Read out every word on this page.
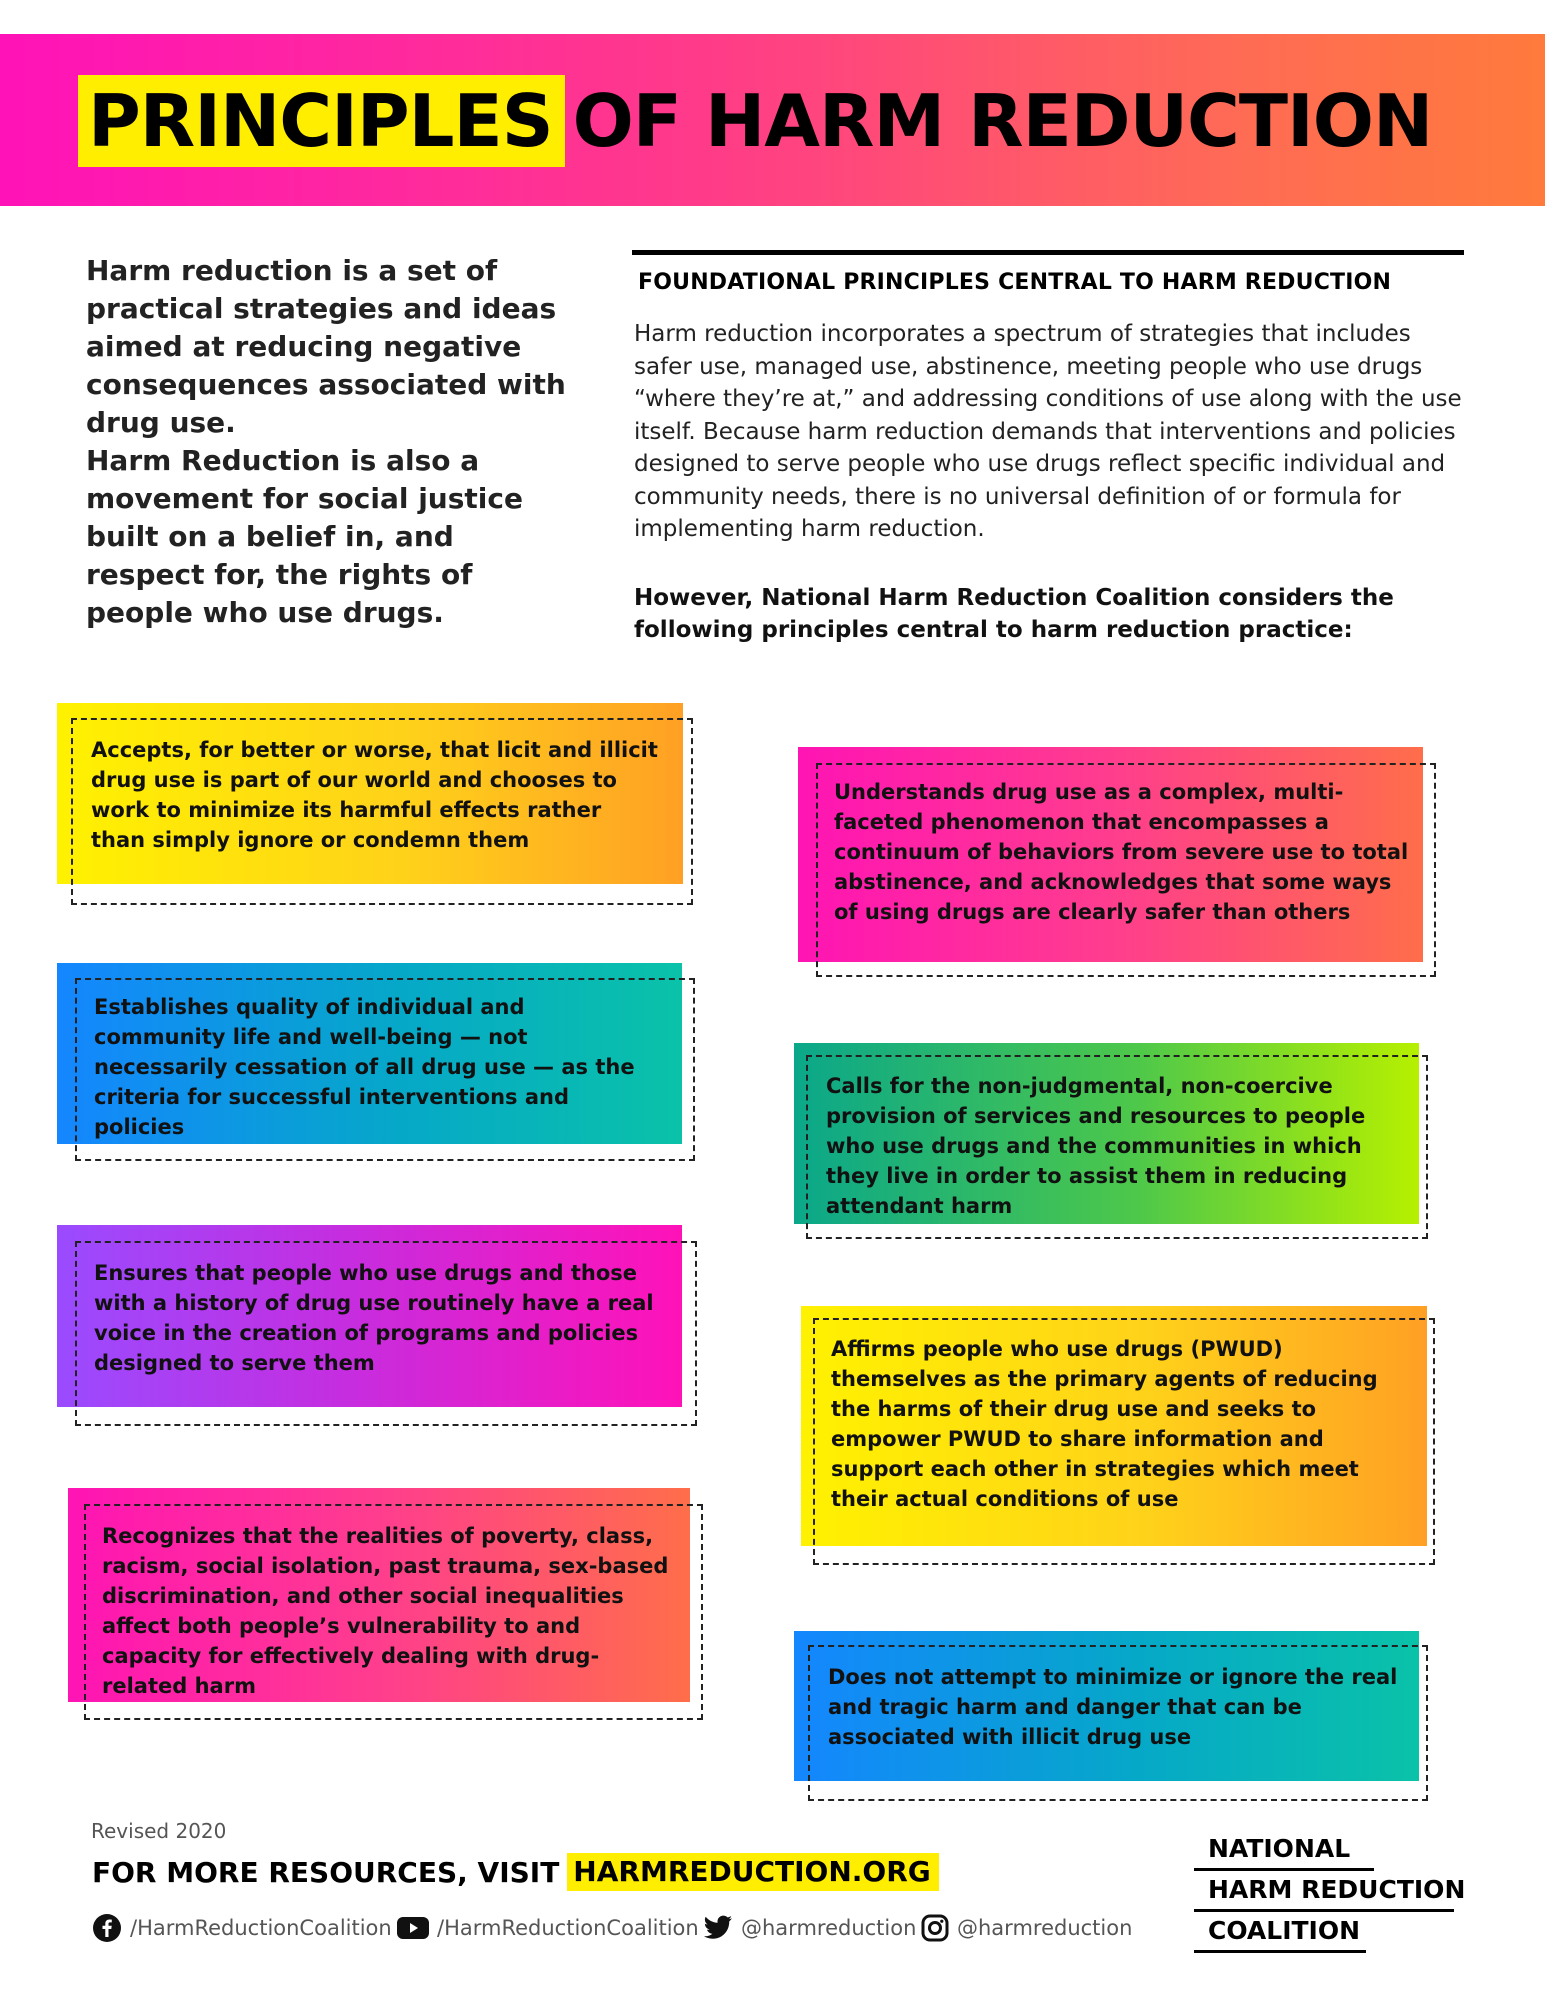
PRINCIPLES OF HARM REDUCTION

Harm reduction is a set of practical strategies and ideas aimed at reducing negative consequences associated with drug use.

Harm Reduction is also a movement for social justice built on a belief in, and respect for, the rights of people who use drugs.

FOUNDATIONAL PRINCIPLES CENTRAL TO HARM REDUCTION

Harm reduction incorporates a spectrum of strategies that includes safer use, managed use, abstinence, meeting people who use drugs “where they’re at,” and addressing conditions of use along with the use itself. Because harm reduction demands that interventions and policies designed to serve people who use drugs reflect specific individual and community needs, there is no universal definition of or formula for implementing harm reduction.

However, National Harm Reduction Coalition considers the following principles central to harm reduction practice:
Accepts, for better or worse, that licit and illicit drug use is part of our world and chooses to work to minimize its harmful effects rather than simply ignore or condemn them
Establishes quality of individual and community life and well-being — not necessarily cessation of all drug use — as the criteria for successful interventions and policies
Ensures that people who use drugs and those with a history of drug use routinely have a real voice in the creation of programs and policies designed to serve them
Recognizes that the realities of poverty, class, racism, social isolation, past trauma, sex-based discrimination, and other social inequalities affect both people’s vulnerability to and capacity for effectively dealing with drug-related harm
Understands drug use as a complex, multi-faceted phenomenon that encompasses a continuum of behaviors from severe use to total abstinence, and acknowledges that some ways of using drugs are clearly safer than others
Calls for the non-judgmental, non-coercive provision of services and resources to people who use drugs and the communities in which they live in order to assist them in reducing attendant harm
Affirms people who use drugs (PWUD) themselves as the primary agents of reducing the harms of their drug use and seeks to empower PWUD to share information and support each other in strategies which meet their actual conditions of use
Does not attempt to minimize or ignore the real and tragic harm and danger that can be associated with illicit drug use
Revised 2020
FOR MORE RESOURCES, VISIT HARMREDUCTION.ORG
/HarmReductionCoalition /HarmReductionCoalition @harmreduction @harmreduction
NATIONAL
HARM REDUCTION
COALITION
